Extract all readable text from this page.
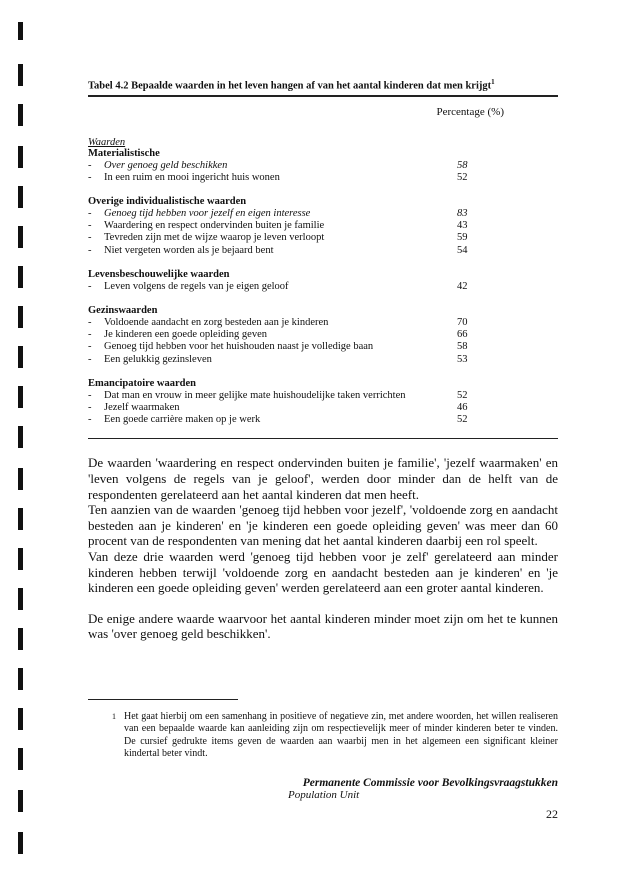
Tabel 4.2 Bepaalde waarden in het leven hangen af van het aantal kinderen dat men krijgt$^1$
Percentage (%)
Waarden
Materialistische
-	Over genoeg geld beschikken	58
-	In een ruim en mooi ingericht huis wonen	52
Overige individualistische waarden
-	Genoeg tijd hebben voor jezelf en eigen interesse	83
-	Waardering en respect ondervinden buiten je familie	43
-	Tevreden zijn met de wijze waarop je leven verloopt	59
-	Niet vergeten worden als je bejaard bent	54
Levensbeschouwelijke waarden
-	Leven volgens de regels van je eigen geloof	42
Gezinswaarden
-	Voldoende aandacht en zorg besteden aan je kinderen	70
-	Je kinderen een goede opleiding geven	66
-	Genoeg tijd hebben voor het huishouden naast je volledige baan	58
-	Een gelukkig gezinsleven	53
Emancipatoire waarden
-	Dat man en vrouw in meer gelijke mate huishoudelijke taken verrichten	52
-	Jezelf waarmaken	46
-	Een goede carrière maken op je werk	52
De waarden 'waardering en respect ondervinden buiten je familie', 'jezelf waarmaken' en 'leven volgens de regels van je geloof', werden door minder dan de helft van de respondenten gerelateerd aan het aantal kinderen dat men heeft.
Ten aanzien van de waarden 'genoeg tijd hebben voor jezelf', 'voldoende zorg en aandacht besteden aan je kinderen' en 'je kinderen een goede opleiding geven' was meer dan 60 procent van de respondenten van mening dat het aantal kinderen daarbij een rol speelt.
Van deze drie waarden werd 'genoeg tijd hebben voor je zelf' gerelateerd aan minder kinderen hebben terwijl 'voldoende zorg en aandacht besteden aan je kinderen' en 'je kinderen een goede opleiding geven' werden gerelateerd aan een groter aantal kinderen.
De enige andere waarde waarvoor het aantal kinderen minder moet zijn om het te kunnen was 'over genoeg geld beschikken'.
1 Het gaat hierbij om een samenhang in positieve of negatieve zin, met andere woorden, het willen realiseren van een bepaalde waarde kan aanleiding zijn om respectievelijk meer of minder kinderen beter te vinden. De cursief gedrukte items geven de waarden aan waarbij men in het algemeen een significant kleiner kindertal beter vindt.
Permanente Commissie voor Bevolkingsvraagstukken
Population Unit
22
